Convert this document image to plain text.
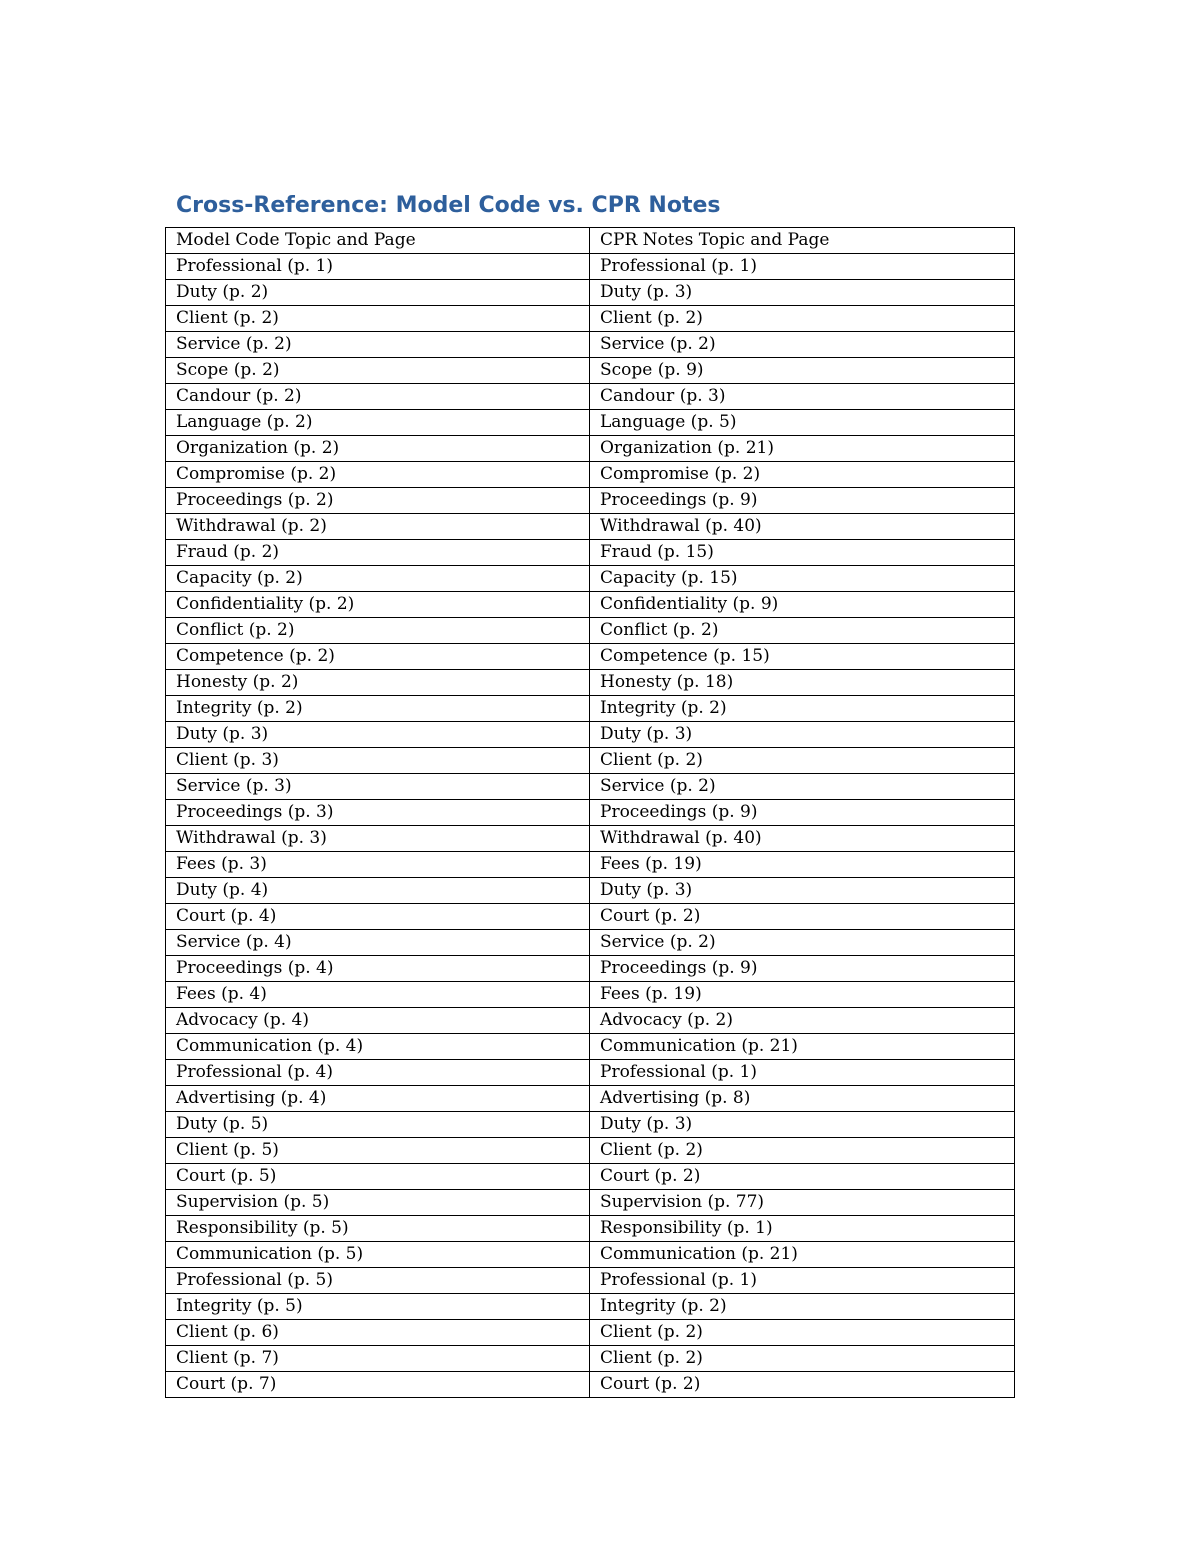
Cross-Reference: Model Code vs. CPR Notes
Model Code Topic and Page	CPR Notes Topic and Page
Professional (p. 1)	Professional (p. 1)
Duty (p. 2)	Duty (p. 3)
Client (p. 2)	Client (p. 2)
Service (p. 2)	Service (p. 2)
Scope (p. 2)	Scope (p. 9)
Candour (p. 2)	Candour (p. 3)
Language (p. 2)	Language (p. 5)
Organization (p. 2)	Organization (p. 21)
Compromise (p. 2)	Compromise (p. 2)
Proceedings (p. 2)	Proceedings (p. 9)
Withdrawal (p. 2)	Withdrawal (p. 40)
Fraud (p. 2)	Fraud (p. 15)
Capacity (p. 2)	Capacity (p. 15)
Confidentiality (p. 2)	Confidentiality (p. 9)
Conflict (p. 2)	Conflict (p. 2)
Competence (p. 2)	Competence (p. 15)
Honesty (p. 2)	Honesty (p. 18)
Integrity (p. 2)	Integrity (p. 2)
Duty (p. 3)	Duty (p. 3)
Client (p. 3)	Client (p. 2)
Service (p. 3)	Service (p. 2)
Proceedings (p. 3)	Proceedings (p. 9)
Withdrawal (p. 3)	Withdrawal (p. 40)
Fees (p. 3)	Fees (p. 19)
Duty (p. 4)	Duty (p. 3)
Court (p. 4)	Court (p. 2)
Service (p. 4)	Service (p. 2)
Proceedings (p. 4)	Proceedings (p. 9)
Fees (p. 4)	Fees (p. 19)
Advocacy (p. 4)	Advocacy (p. 2)
Communication (p. 4)	Communication (p. 21)
Professional (p. 4)	Professional (p. 1)
Advertising (p. 4)	Advertising (p. 8)
Duty (p. 5)	Duty (p. 3)
Client (p. 5)	Client (p. 2)
Court (p. 5)	Court (p. 2)
Supervision (p. 5)	Supervision (p. 77)
Responsibility (p. 5)	Responsibility (p. 1)
Communication (p. 5)	Communication (p. 21)
Professional (p. 5)	Professional (p. 1)
Integrity (p. 5)	Integrity (p. 2)
Client (p. 6)	Client (p. 2)
Client (p. 7)	Client (p. 2)
Court (p. 7)	Court (p. 2)
